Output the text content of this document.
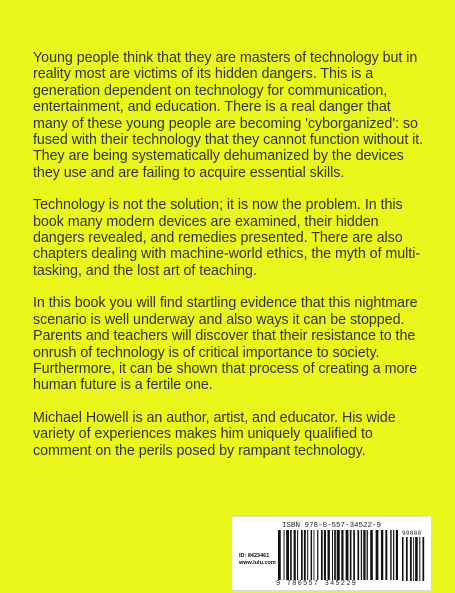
Young people think that they are masters of technology but in reality most are victims of its hidden dangers. This is a generation dependent on technology for communication, entertainment, and education. There is a real danger that many of these young people are becoming 'cyborganized': so fused with their technology that they cannot function without it. They are being systematically dehumanized by the devices they use and are failing to acquire essential skills.

Technology is not the solution; it is now the problem. In this book many modern devices are examined, their hidden dangers revealed, and remedies presented. There are also chapters dealing with machine-world ethics, the myth of multi-tasking, and the lost art of teaching.

In this book you will find startling evidence that this nightmare scenario is well underway and also ways it can be stopped. Parents and teachers will discover that their resistance to the onrush of technology is of critical importance to society. Furthermore, it can be shown that process of creating a more human future is a fertile one.

Michael Howell is an author, artist, and educator. His wide variety of experiences makes him uniquely qualified to comment on the perils posed by rampant technology.

ISBN 978-0-557-34522-9
ID: 8423461
www.lulu.com
90000
9 780557 345229
